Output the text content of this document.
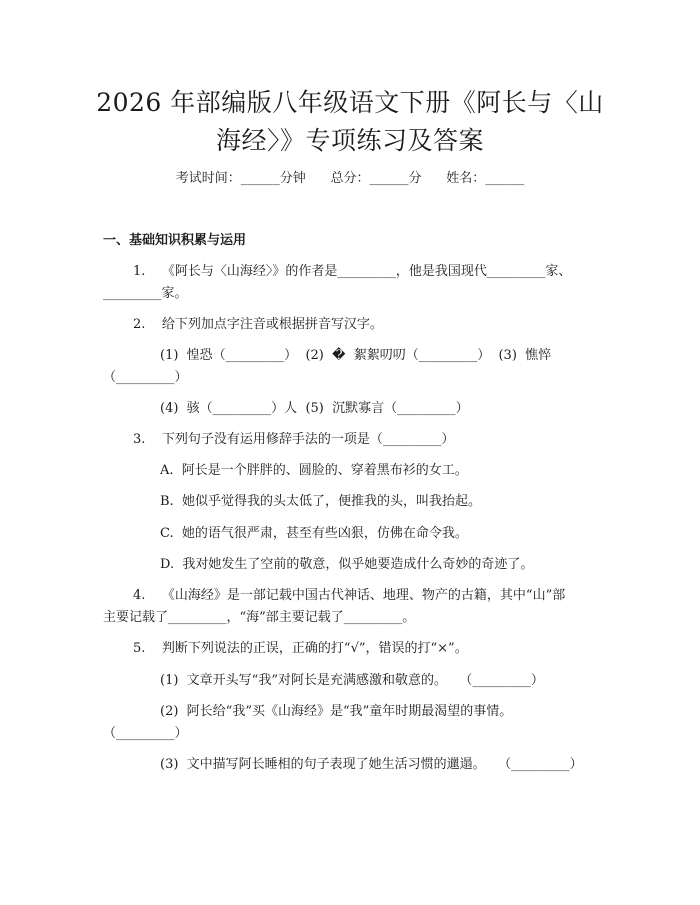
2026 年部编版八年级语文下册《阿长与〈山
海经〉》专项练习及答案
考试时间：______分钟      总分：______分      姓名：______
一、基础知识积累与运用
1.    《阿长与〈山海经〉》的作者是_________，他是我国现代_________家、
_________家。
2.    给下列加点字注音或根据拼音写汉字。
(1)  惶恐（_________）  (2)  �  絮絮叨叨（_________）  (3)  憔悴
（_________）
(4)  骇（_________）人  (5)  沉默寡言（_________）
3.    下列句子没有运用修辞手法的一项是（_________）
A.  阿长是一个胖胖的、圆脸的、穿着黑布衫的女工。
B.  她似乎觉得我的头太低了，便推我的头，叫我抬起。
C.  她的语气很严肃，甚至有些凶狠，仿佛在命令我。
D.  我对她发生了空前的敬意，似乎她要造成什么奇妙的奇迹了。
4.    《山海经》是一部记载中国古代神话、地理、物产的古籍，其中“山”部
主要记载了_________，“海”部主要记载了_________。
5.    判断下列说法的正误，正确的打“√”，错误的打“×”。
(1)  文章开头写“我”对阿长是充满感激和敬意的。   （_________）
(2)  阿长给“我”买《山海经》是“我”童年时期最渴望的事情。
（_________）
(3)  文中描写阿长睡相的句子表现了她生活习惯的邋遢。   （_________）
